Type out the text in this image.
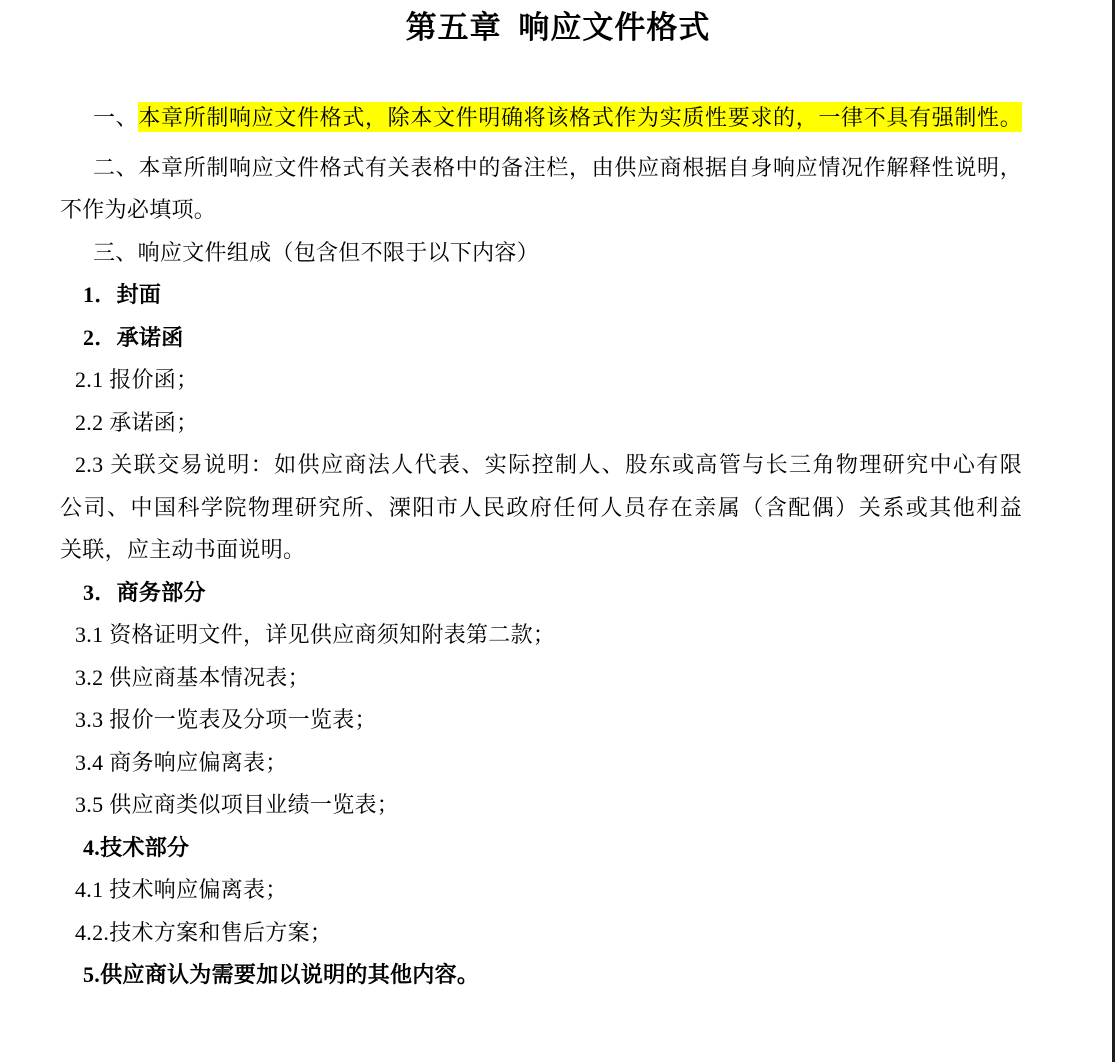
第五章 响应文件格式
一、本章所制响应文件格式，除本文件明确将该格式作为实质性要求的，一律不具有强制性。
二、本章所制响应文件格式有关表格中的备注栏，由供应商根据自身响应情况作解释性说明，
不作为必填项。
三、响应文件组成（包含但不限于以下内容）
1．封面
2．承诺函
2.1 报价函；
2.2 承诺函；
2.3 关联交易说明：如供应商法人代表、实际控制人、股东或高管与长三角物理研究中心有限
公司、中国科学院物理研究所、溧阳市人民政府任何人员存在亲属（含配偶）关系或其他利益
关联，应主动书面说明。
3．商务部分
3.1 资格证明文件，详见供应商须知附表第二款；
3.2 供应商基本情况表；
3.3 报价一览表及分项一览表；
3.4 商务响应偏离表；
3.5 供应商类似项目业绩一览表；
4.技术部分
4.1 技术响应偏离表；
4.2.技术方案和售后方案；
5.供应商认为需要加以说明的其他内容。
